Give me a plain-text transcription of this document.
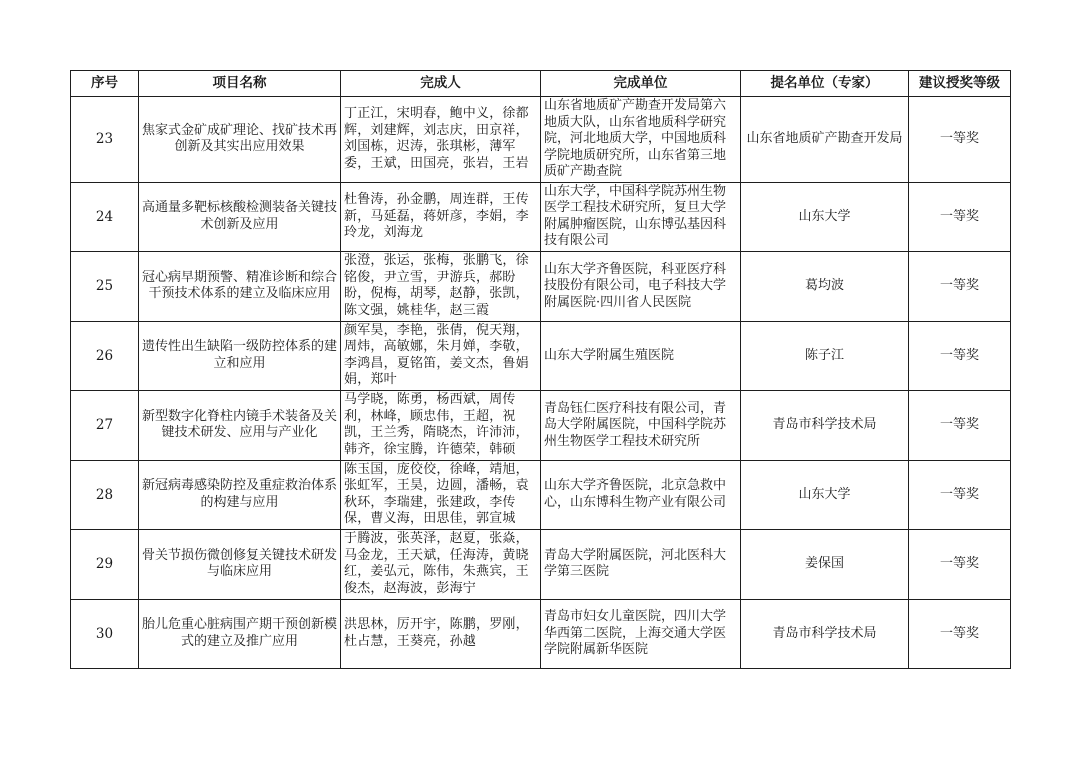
序号	项目名称	完成人	完成单位	提名单位（专家）	建议授奖等级
23	焦家式金矿成矿理论、找矿技术再创新及其实出应用效果	丁正江，宋明春，鲍中义，徐都辉，刘建辉，刘志庆，田京祥，刘国栋，迟涛，张琪彬，薄军委，王斌，田国亮，张岩，王岩	山东省地质矿产勘查开发局第六地质大队，山东省地质科学研究院，河北地质大学，中国地质科学院地质研究所，山东省第三地质矿产勘查院	山东省地质矿产勘查开发局	一等奖
24	高通量多靶标核酸检测装备关键技术创新及应用	杜鲁涛，孙金鹏，周连群，王传新，马延磊，蒋妍彦，李娟，李玲龙，刘海龙	山东大学，中国科学院苏州生物医学工程技术研究所，复旦大学附属肿瘤医院，山东博弘基因科技有限公司	山东大学	一等奖
25	冠心病早期预警、精准诊断和综合干预技术体系的建立及临床应用	张澄，张运，张梅，张鹏飞，徐铭俊，尹立雪，尹游兵，郝盼盼，倪梅，胡琴，赵静，张凯，陈文强，姚桂华，赵三霞	山东大学齐鲁医院，科亚医疗科技股份有限公司，电子科技大学附属医院·四川省人民医院	葛均波	一等奖
26	遗传性出生缺陷一级防控体系的建立和应用	颜军昊，李艳，张倩，倪天翔，周炜，高敏娜，朱月婵，李敬，李鸿昌，夏铭笛，姜文杰，鲁娟娟，郑叶	山东大学附属生殖医院	陈子江	一等奖
27	新型数字化脊柱内镜手术装备及关键技术研发、应用与产业化	马学晓，陈勇，杨西斌，周传利，林峰，顾忠伟，王超，祝凯，王兰秀，隋晓杰，许沛沛，韩齐，徐宝腾，许德荣，韩硕	青岛钰仁医疗科技有限公司，青岛大学附属医院，中国科学院苏州生物医学工程技术研究所	青岛市科学技术局	一等奖
28	新冠病毒感染防控及重症救治体系的构建与应用	陈玉国，庞佼佼，徐峰，靖旭，张虹军，王昊，边圆，潘畅，袁秋环，李瑞建，张建政，李传保，曹义海，田思佳，郭宣城	山东大学齐鲁医院，北京急救中心，山东博科生物产业有限公司	山东大学	一等奖
29	骨关节损伤微创修复关键技术研发与临床应用	于腾波，张英泽，赵夏，张焱，马金龙，王天斌，任海涛，黄晓红，姜弘元，陈伟，朱燕宾，王俊杰，赵海波，彭海宁	青岛大学附属医院，河北医科大学第三医院	姜保国	一等奖
30	胎儿危重心脏病围产期干预创新模式的建立及推广应用	洪思林，厉开宇，陈鹏，罗刚，杜占慧，王葵亮，孙越	青岛市妇女儿童医院，四川大学华西第二医院，上海交通大学医学院附属新华医院	青岛市科学技术局	一等奖
